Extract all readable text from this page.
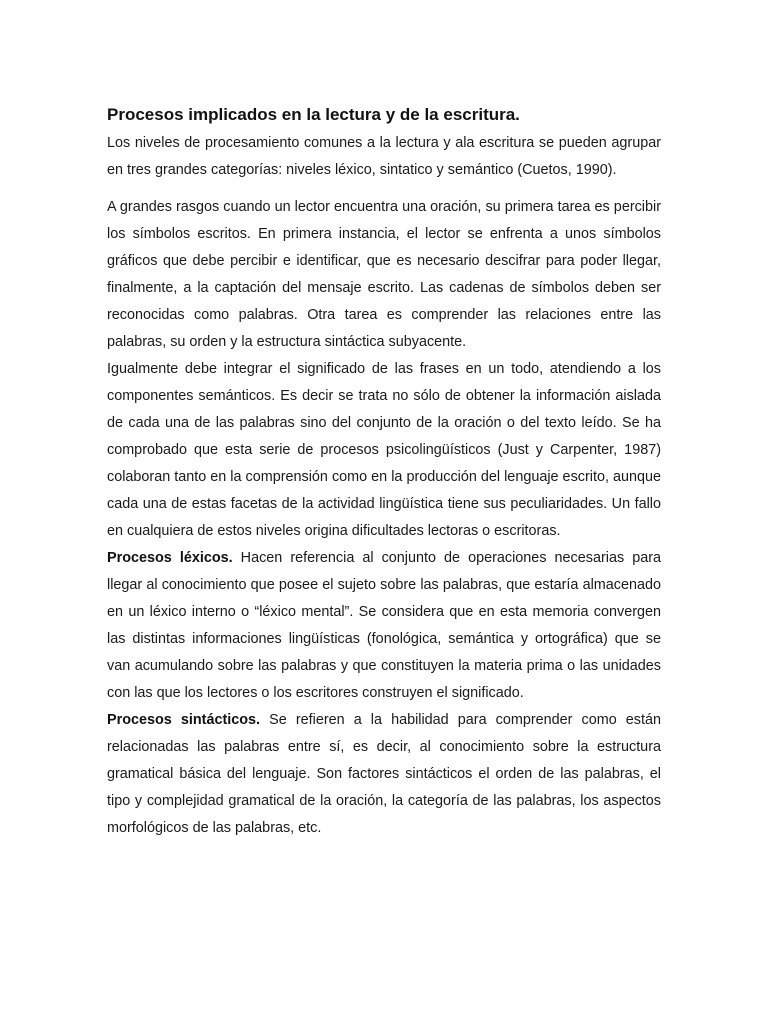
Procesos implicados en la lectura y de la escritura.

Los niveles de procesamiento comunes a la lectura y ala escritura se pueden agrupar en tres grandes categorías: niveles léxico, sintatico y semántico (Cuetos, 1990).

A grandes rasgos cuando un lector encuentra una oración, su primera tarea es percibir los símbolos escritos. En primera instancia, el lector se enfrenta a unos símbolos gráficos que debe percibir e identificar, que es necesario descifrar para poder llegar, finalmente, a la captación del mensaje escrito. Las cadenas de símbolos deben ser reconocidas como palabras. Otra tarea es comprender las relaciones entre las palabras, su orden y la estructura sintáctica subyacente.

Igualmente debe integrar el significado de las frases en un todo, atendiendo a los componentes semánticos. Es decir se trata no sólo de obtener la información aislada de cada una de las palabras sino del conjunto de la oración o del texto leído. Se ha comprobado que esta serie de procesos psicolingüísticos (Just y Carpenter, 1987) colaboran tanto en la comprensión como en la producción del lenguaje escrito, aunque cada una de estas facetas de la actividad lingüística tiene sus peculiaridades. Un fallo en cualquiera de estos niveles origina dificultades lectoras o escritoras.

Procesos léxicos. Hacen referencia al conjunto de operaciones necesarias para llegar al conocimiento que posee el sujeto sobre las palabras, que estaría almacenado en un léxico interno o “léxico mental”. Se considera que en esta memoria convergen las distintas informaciones lingüísticas (fonológica, semántica y ortográfica) que se van acumulando sobre las palabras y que constituyen la materia prima o las unidades con las que los lectores o los escritores construyen el significado.

Procesos sintácticos. Se refieren a la habilidad para comprender como están relacionadas las palabras entre sí, es decir, al conocimiento sobre la estructura gramatical básica del lenguaje. Son factores sintácticos el orden de las palabras, el tipo y complejidad gramatical de la oración, la categoría de las palabras, los aspectos morfológicos de las palabras, etc.
